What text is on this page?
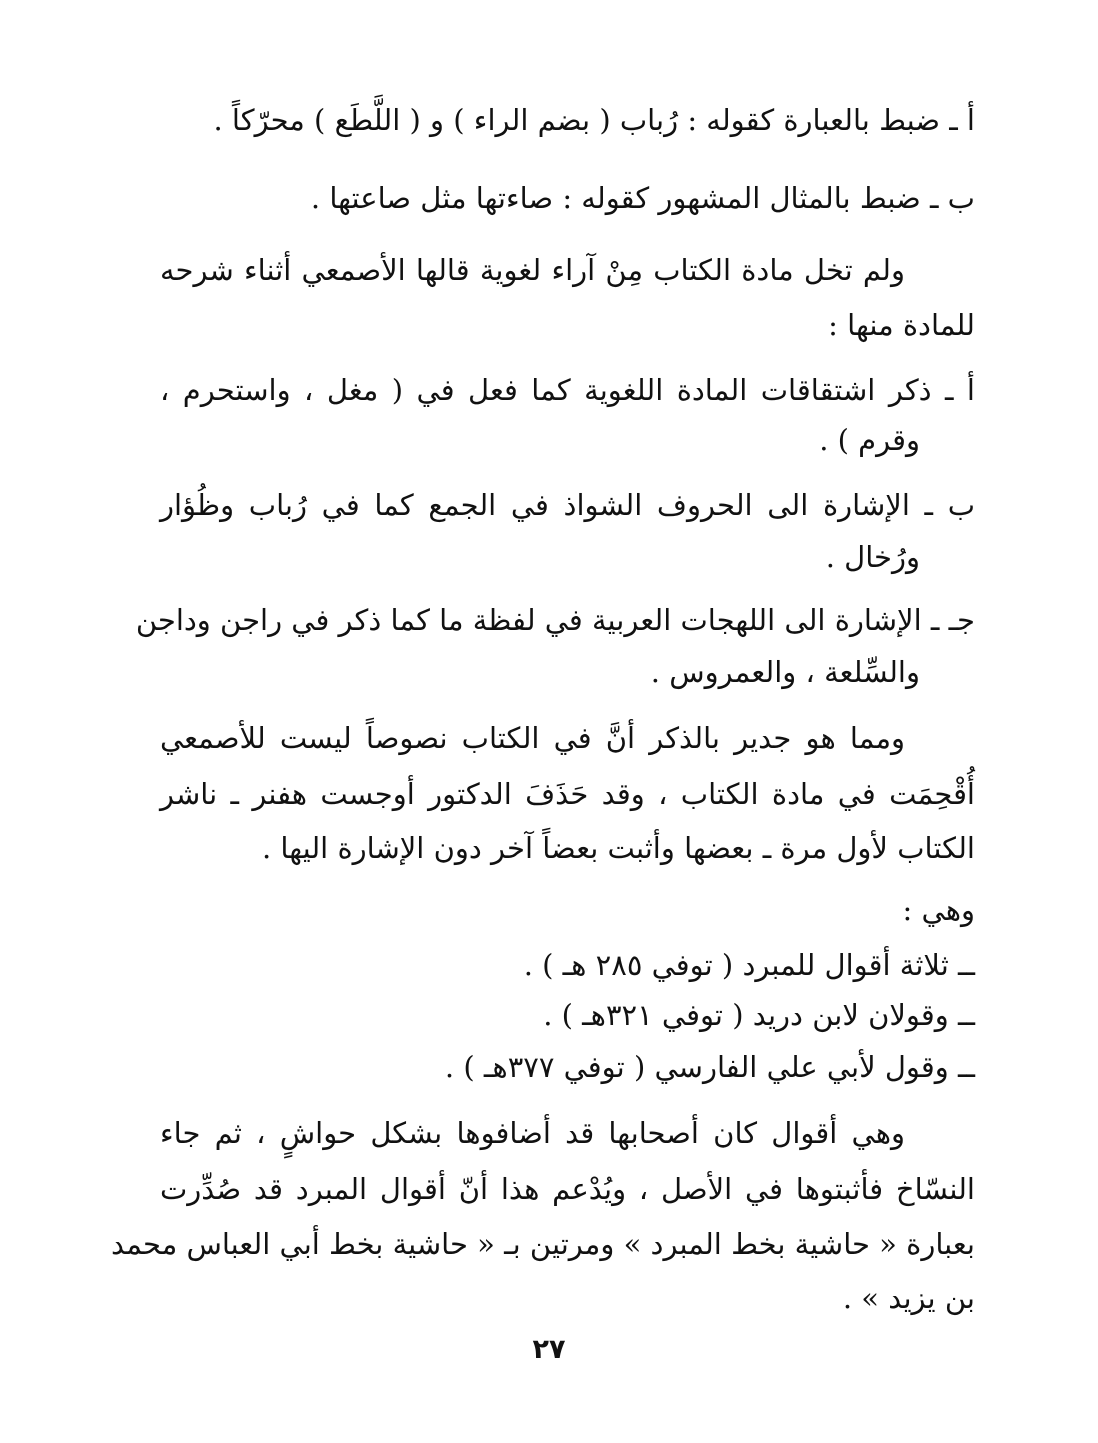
أ ـ ضبط بالعبارة كقوله : رُباب ( بضم الراء ) و ( اللَّطَع ) محرّكاً .
ب ـ ضبط بالمثال المشهور كقوله : صاءتها مثل صاعتها .
ولم تخل مادة الكتاب مِنْ آراء لغوية قالها الأصمعي أثناء شرحه
للمادة منها :
أ ـ ذكر اشتقاقات المادة اللغوية كما فعل في ( مغل ، واستحرم ،
وقرم ) .
ب ـ الإشارة الى الحروف الشواذ في الجمع كما في رُباب وظُؤار
ورُخال .
جـ ـ الإشارة الى اللهجات العربية في لفظة ما كما ذكر في راجن وداجن
والسِّلعة ، والعمروس .
ومما هو جدير بالذكر أنَّ في الكتاب نصوصاً ليست للأصمعي
أُقْحِمَت في مادة الكتاب ، وقد حَذَفَ الدكتور أوجست هفنر ـ ناشر
الكتاب لأول مرة ـ بعضها وأثبت بعضاً آخر دون الإشارة اليها .
وهي :
ــ ثلاثة أقوال للمبرد ( توفي ٢٨٥ هـ ) .
ــ وقولان لابن دريد ( توفي ٣٢١هـ ) .
ــ وقول لأبي علي الفارسي ( توفي ٣٧٧هـ ) .
وهي أقوال كان أصحابها قد أضافوها بشكل حواشٍ ، ثم جاء
النسّاخ فأثبتوها في الأصل ، ويُدْعم هذا أنّ أقوال المبرد قد صُدِّرت
بعبارة « حاشية بخط المبرد » ومرتين بـ « حاشية بخط أبي العباس محمد
بن يزيد » .
٢٧
